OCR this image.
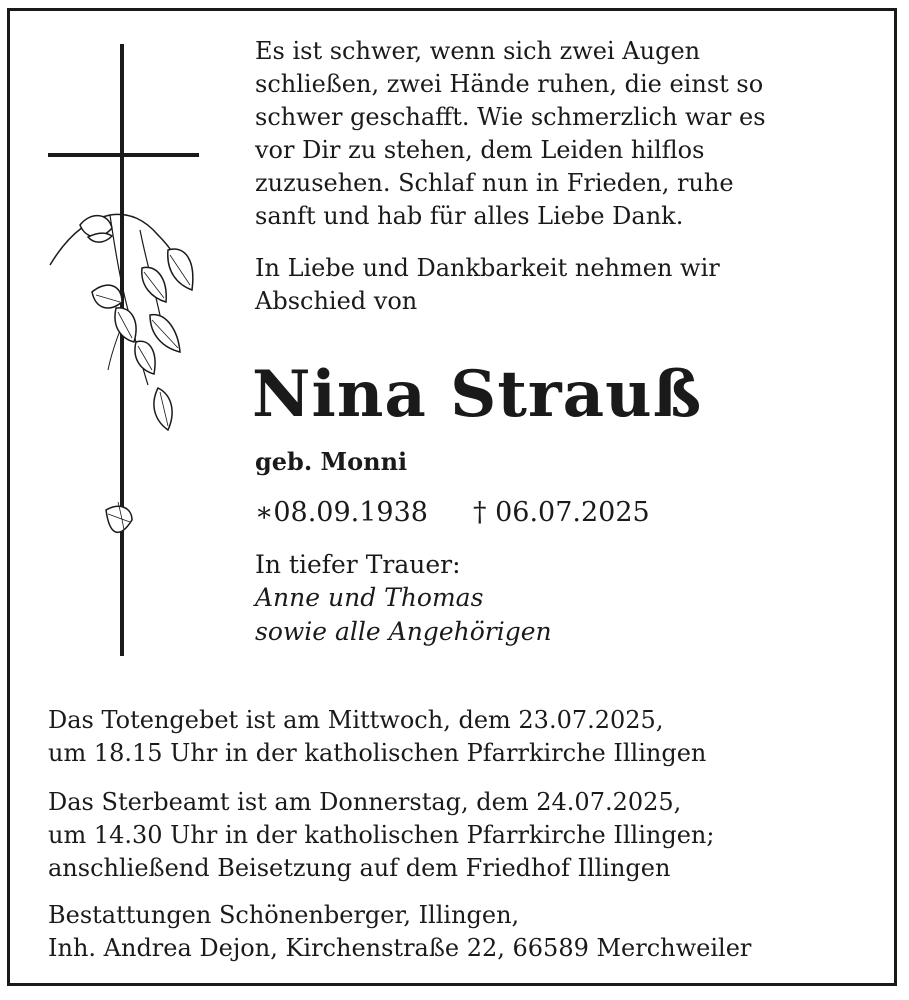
Es ist schwer, wenn sich zwei Augen
schließen, zwei Hände ruhen, die einst so
schwer geschafft. Wie schmerzlich war es
vor Dir zu stehen, dem Leiden hilflos
zuzusehen. Schlaf nun in Frieden, ruhe
sanft und hab für alles Liebe Dank.
In Liebe und Dankbarkeit nehmen wir
Abschied von
Nina Strauß
geb. Monni
∗08.09.1938 † 06.07.2025
In tiefer Trauer:
Anne und Thomas
sowie alle Angehörigen
Das Totengebet ist am Mittwoch, dem 23.07.2025,
um 18.15 Uhr in der katholischen Pfarrkirche Illingen
Das Sterbeamt ist am Donnerstag, dem 24.07.2025,
um 14.30 Uhr in der katholischen Pfarrkirche Illingen;
anschließend Beisetzung auf dem Friedhof Illingen
Bestattungen Schönenberger, Illingen,
Inh. Andrea Dejon, Kirchenstraße 22, 66589 Merchweiler
